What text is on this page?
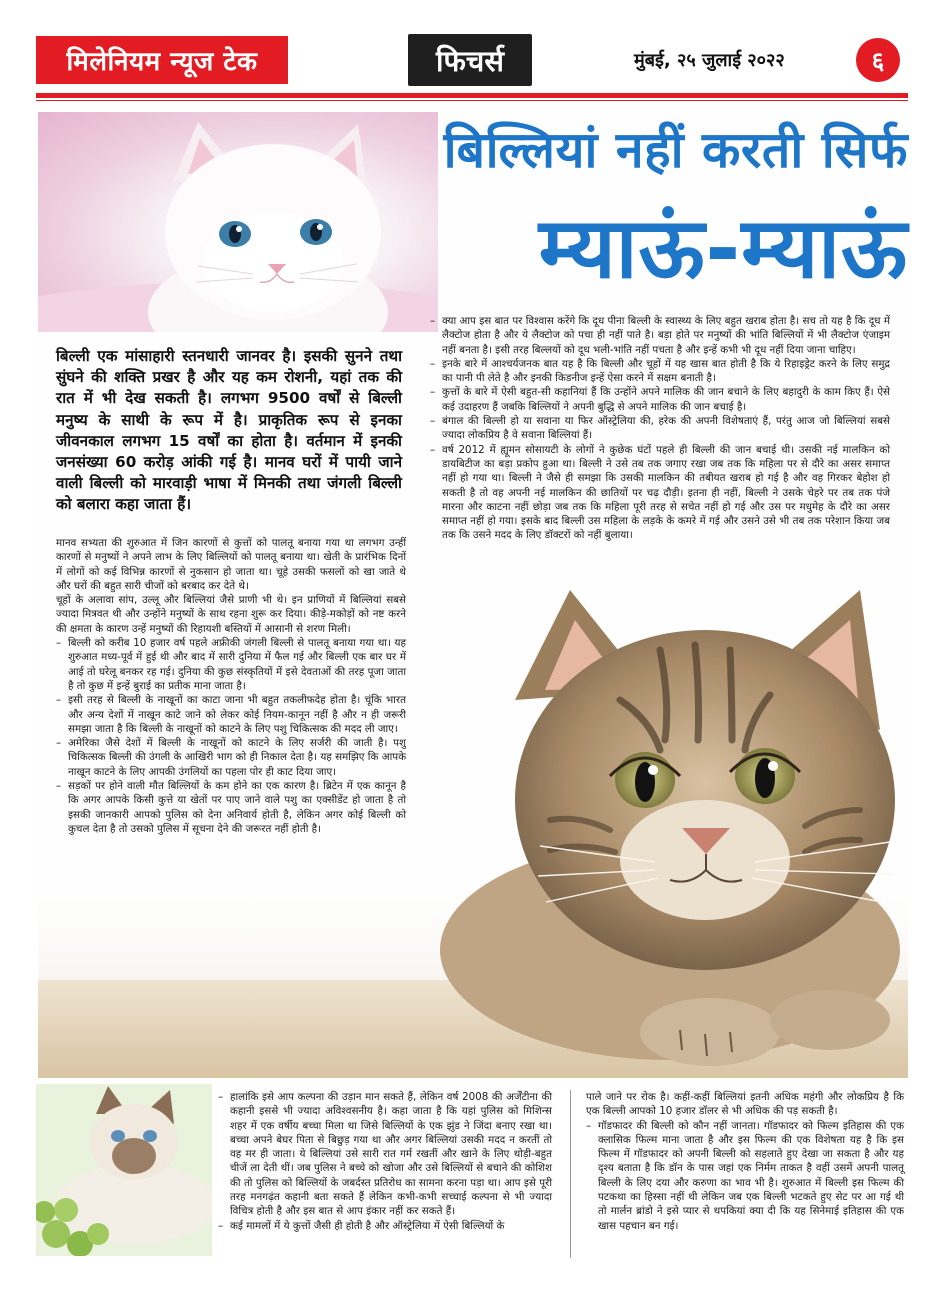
मिलेनियम न्यूज टेक	फिचर्स	मुंबई, २५ जुलाई २०२२	६
बिल्लियां नहीं करती सिर्फ
म्याऊं-म्याऊं
बिल्ली एक मांसाहारी स्तनधारी जानवर है। इसकी सुनने तथा सुंघने की शक्ति प्रखर है और यह कम रोशनी, यहां तक की रात में भी देख सकती है। लगभग 9500 वर्षों से बिल्ली मनुष्य के साथी के रूप में है। प्राकृतिक रूप से इनका जीवनकाल लगभग 15 वर्षों का होता है। वर्तमान में इनकी जनसंख्या 60 करोड़ आंकी गई है। मानव घरों में पायी जाने वाली बिल्ली को मारवाड़ी भाषा में मिनकी तथा जंगली बिल्ली को बलारा कहा जाता हैं।

मानव सभ्यता की शुरुआत में जिन कारणों से कुत्तों को पालतू बनाया गया था लगभग उन्हीं कारणों से मनुष्यों ने अपने लाभ के लिए बिल्लियों को पालतू बनाया था। खेती के प्रारंभिक दिनों में लोगों को कई विभिन्न कारणों से नुकसान हो जाता था। चूहे उसकी फसलों को खा जाते थे और घरों की बहुत सारी चीजों को बरबाद कर देते थे।

चूहों के अलावा सांप, उल्लू और बिल्लियां जैसे प्राणी भी थे। इन प्राणियों में बिल्लियां सबसे ज्यादा मित्रवत थी और उन्होंने मनुष्यों के साथ रहना शुरू कर दिया। कीड़े-मकोड़ों को नष्ट करने की क्षमता के कारण उन्हें मनुष्यों की रिहायशी बस्तियों में आसानी से शरण मिली।

– बिल्ली को करीब 10 हजार वर्ष पहले अफ्रीकी जंगली बिल्ली से पालतू बनाया गया था। यह शुरुआत मध्य-पूर्व में हुई थी और बाद में सारी दुनिया में फैल गई और बिल्ली एक बार घर में आई तो घरेलू बनकर रह गई। दुनिया की कुछ संस्कृतियों में इसे देवताओं की तरह पूजा जाता है तो कुछ में इन्हें बुराई का प्रतीक माना जाता है।

– इसी तरह से बिल्ली के नाखूनों का काटा जाना भी बहुत तकलीफदेह होता है। चूंकि भारत और अन्य देशों में नाखून काटे जाने को लेकर कोई नियम-कानून नहीं है और न ही जरूरी समझा जाता है कि बिल्ली के नाखूनों को काटने के लिए पशु चिकित्सक की मदद ली जाए।

– अमेरिका जैसे देशों में बिल्ली के नाखूनों को काटने के लिए सर्जरी की जाती है। पशु चिकित्सक बिल्ली की उंगली के आखिरी भाग को ही निकाल देता है। यह समझिए कि आपके नाखून काटने के लिए आपकी उंगलियों का पहला पोर ही काट दिया जाए।

– सड़कों पर होने वाली मौत बिल्लियों के कम होने का एक कारण है। ब्रिटेन में एक कानून है कि अगर आपके किसी कुत्ते या खेतों पर पाए जाने वाले पशु का एक्सीडेंट हो जाता है तो इसकी जानकारी आपको पुलिस को देना अनिवार्य होती है, लेकिन अगर कोई बिल्ली को कुचल देता है तो उसको पुलिस में सूचना देने की जरूरत नहीं होती है।

– क्या आप इस बात पर विश्वास करेंगे कि दूध पीना बिल्ली के स्वास्थ्य के लिए बहुत खराब होता है। सच तो यह है कि दूध में लैक्टोज होता है और ये लैक्टोज को पचा ही नहीं पाते है। बड़ा होते पर मनुष्यों की भांति बिल्लियों में भी लैक्टोज एंजाइम नहीं बनता है। इसी तरह बिल्लयों को दूध भली-भांति नहीं पचता है और इन्हें कभी भी दूध नहीं दिया जाना चाहिए।

– इनके बारे में आश्चर्यजनक बात यह है कि बिल्ली और चूहों में यह खास बात होती है कि ये रिहाइड्रेट करने के लिए समुद्र का पानी पी लेते है और इनकी किडनीज इन्हें ऐसा करने में सक्षम बनाती है।

– कुत्तों के बारे में ऐसी बहुत-सी कहानियां हैं कि उन्होंने अपने मालिक की जान बचाने के लिए बहादुरी के काम किए हैं। ऐसे कई उदाहरण हैं जबकि बिल्लियों ने अपनी बुद्धि से अपने मालिक की जान बचाई है।

– बंगाल की बिल्ली हो या सवाना या फिर ऑस्ट्रेलिया की, हरेक की अपनी विशेषताएं हैं, परंतु आज जो बिल्लियां सबसे ज्यादा लोकप्रिय है वे सवाना बिल्लियां हैं।

– वर्ष 2012 में ह्यूमन सोसायटी के लोगों ने कुछेक घंटों पहले ही बिल्ली की जान बचाई थी। उसकी नई मालकिन को डायबिटीज का बड़ा प्रकोप हुआ था। बिल्ली ने उसे तब तक जगाए रखा जब तक कि महिला पर से दौरे का असर समाप्त नहीं हो गया था। बिल्ली ने जैसे ही समझा कि उसकी मालकिन की तबीयत खराब हो गई है और वह गिरकर बेहोश हो सकती है तो वह अपनी नई मालकिन की छातियों पर चढ़ दौड़ी। इतना ही नहीं, बिल्ली ने उसके चेहरे पर तब तक पंजे मारना और काटना नहीं छोड़ा जब तक कि महिला पूरी तरह से सचेत नहीं हो गई और उस पर मधुमेह के दौरे का असर समाप्त नहीं हो गया। इसके बाद बिल्ली उस महिला के लड़के के कमरे में गई और उसने उसे भी तब तक परेशान किया जब तक कि उसने मदद के लिए डॉक्टरों को नहीं बुलाया।

– हालांकि इसे आप कल्पना की उड़ान मान सकते हैं, लेकिन वर्ष 2008 की अर्जेंटीना की कहानी इससे भी ज्यादा अविश्वसनीय है। कहा जाता है कि यहां पुलिस को मिशिन्स शहर में एक वर्षीय बच्चा मिला था जिसे बिल्लियों के एक झुंड ने जिंदा बनाए रखा था। बच्चा अपने बेघर पिता से बिछुड़ गया था और अगर बिल्लियां उसकी मदद न करतीं तो वह मर ही जाता। ये बिल्लियां उसे सारी रात गर्म रखतीं और खाने के लिए थोड़ी-बहुत चीजें ला देती थीं। जब पुलिस ने बच्चे को खोजा और उसे बिल्लियों से बचाने की कोशिश की तो पुलिस को बिल्लियों के जबर्दस्त प्रतिरोध का सामना करना पड़ा था। आप इसे पूरी तरह मनगढ़ंत कहानी बता सकते हैं लेकिन कभी-कभी सच्चाई कल्पना से भी ज्यादा विचित्र होती है और इस बात से आप इंकार नहीं कर सकते हैं।

– कई मामलों में ये कुत्तों जैसी ही होती है और ऑस्ट्रेलिया में ऐसी बिल्लियों के

पाले जाने पर रोक है। कहीं-कहीं बिल्लियां इतनी अधिक महंगी और लोकप्रिय है कि एक बिल्ली आपको 10 हजार डॉलर से भी अधिक की पड़ सकती है।

– गॉडफादर की बिल्ली को कौन नहीं जानता। गॉडफादर को फिल्म इतिहास की एक क्लासिक फिल्म माना जाता है और इस फिल्म की एक विशेषता यह है कि इस फिल्म में गॉडफादर को अपनी बिल्ली को सहलाते हुए देखा जा सकता है और यह दृश्य बताता है कि डॉन के पास जहां एक निर्मम ताकत है वहीं उसमें अपनी पालतू बिल्ली के लिए दया और करुणा का भाव भी है। शुरुआत में बिल्ली इस फिल्म की पटकथा का हिस्सा नहीं थी लेकिन जब एक बिल्ली भटकते हुए सेट पर आ गई थी तो मार्लन ब्रांडो ने इसे प्यार से थपकियां क्या दी कि यह सिनेमाई इतिहास की एक खास पहचान बन गई।
